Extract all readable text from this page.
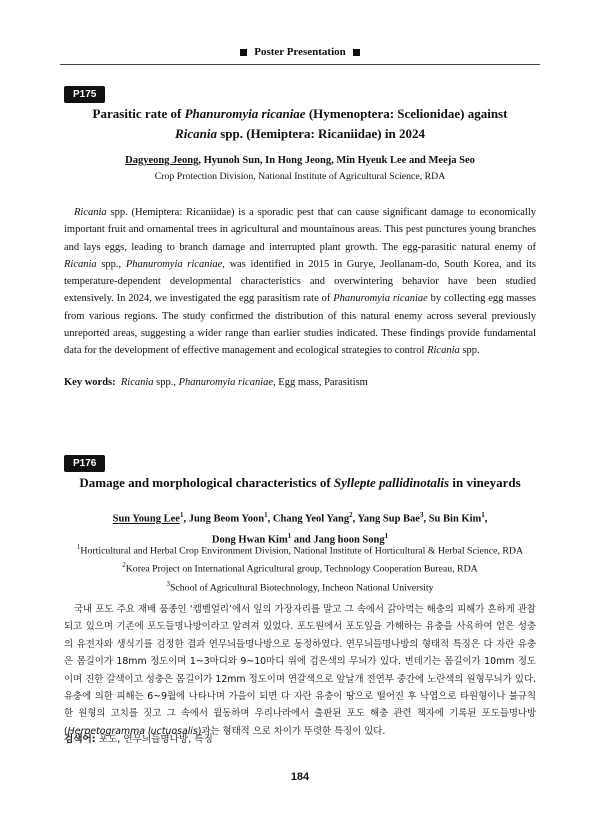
Poster Presentation
P175
Parasitic rate of Phanuromyia ricaniae (Hymenoptera: Scelionidae) against
Ricania spp. (Hemiptera: Ricaniidae) in 2024
Dagyeong Jeong, Hyunoh Sun, In Hong Jeong, Min Hyeuk Lee and Meeja Seo
Crop Protection Division, National Institute of Agricultural Science, RDA
Ricania spp. (Hemiptera: Ricaniidae) is a sporadic pest that can cause significant damage to economically important fruit and ornamental trees in agricultural and mountainous areas. This pest punctures young branches and lays eggs, leading to branch damage and interrupted plant growth. The egg-parasitic natural enemy of Ricania spp., Phanuromyia ricaniae, was identified in 2015 in Gurye, Jeollanam-do, South Korea, and its temperature-dependent developmental characteristics and overwintering behavior have been studied extensively. In 2024, we investigated the egg parasitism rate of Phanuromyia ricaniae by collecting egg masses from various regions. The study confirmed the distribution of this natural enemy across several previously unreported areas, suggesting a wider range than earlier studies indicated. These findings provide fundamental data for the development of effective management and ecological strategies to control Ricania spp.
Key words: Ricania spp., Phanuromyia ricaniae, Egg mass, Parasitism
P176
Damage and morphological characteristics of Syllepte pallidinotalis in vineyards
Sun Young Lee$^1$, Jung Beom Yoon$^1$, Chang Yeol Yang$^2$, Yang Sup Bae$^3$, Su Bin Kim$^1$,
Dong Hwan Kim$^1$ and Jang hoon Song$^1$
$^1$Horticultural and Herbal Crop Environment Division, National Institute of Horticultural & Herbal Science, RDA
$^2$Korea Project on International Agricultural group, Technology Cooperation Bureau, RDA
$^3$School of Agricultural Biotechnology, Incheon National University
국내 포도 주요 재배 품종인 ‘캠벨얼리’에서 잎의 가장자리를 말고 그 속에서 갉아먹는 해충의 피해가 흔하게 관찰되고 있으며 기존에 포도들명나방이라고 알려져 있었다. 포도원에서 포도잎을 가해하는 유충을 사육하여 얻은 성충의 유전자와 생식기를 검정한 결과 연무늬들명나방으로 동정하였다. 연무늬들명나방의 형태적 특징은 다 자란 유충은 몸길이가 18mm 정도이며 1~3마디와 9~10마디 위에 검은색의 무늬가 있다. 번데기는 몸길이가 10mm 정도이며 진한 갈색이고 성충은 몸길이가 12mm 정도이며 연갈색으로 앞날개 전연부 중간에 노란색의 원형무늬가 있다. 유충에 의한 피해는 6~9월에 나타나며 가을이 되면 다 자란 유충이 땅으로 떨어진 후 낙엽으로 타원형이나 불규칙한 원형의 고치를 짓고 그 속에서 월동하며 우리나라에서 출판된 포도 해충 관련 책자에 기록된 포도들명나방(Herpetogramma luctuosalis)과는 형태적 으로 차이가 뚜렷한 특징이 있다.
검색어: 포도, 연무늬들명나방, 특징
184
